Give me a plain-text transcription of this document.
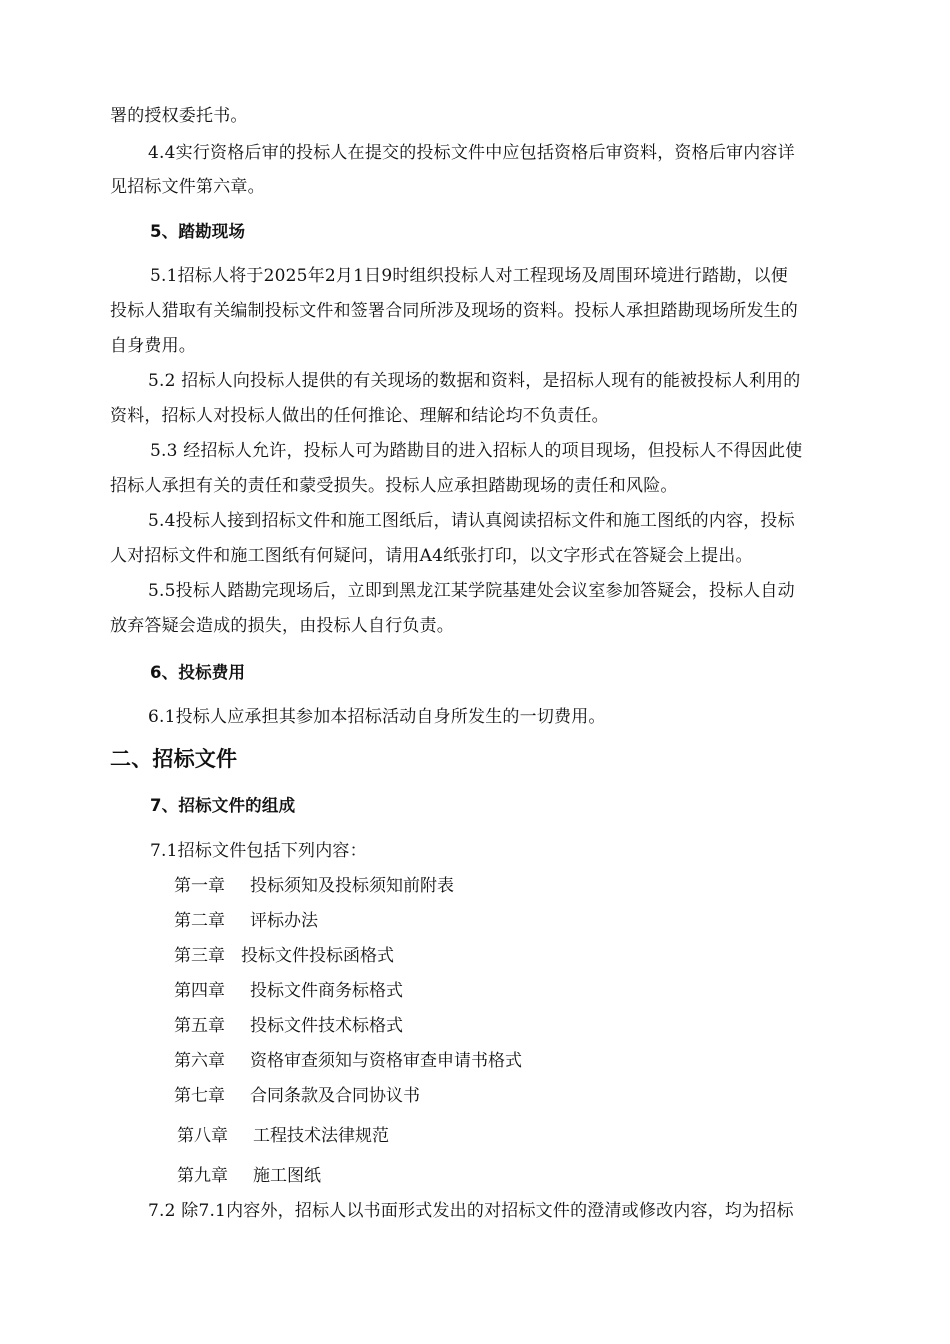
署的授权委托书。
4.4实行资格后审的投标人在提交的投标文件中应包括资格后审资料，资格后审内容详
见招标文件第六章。
5、踏勘现场
5.1招标人将于2025年2月1日9时组织投标人对工程现场及周围环境进行踏勘，以便
投标人猎取有关编制投标文件和签署合同所涉及现场的资料。投标人承担踏勘现场所发生的
自身费用。
5.2 招标人向投标人提供的有关现场的数据和资料，是招标人现有的能被投标人利用的
资料，招标人对投标人做出的任何推论、理解和结论均不负责任。
5.3 经招标人允许，投标人可为踏勘目的进入招标人的项目现场，但投标人不得因此使
招标人承担有关的责任和蒙受损失。投标人应承担踏勘现场的责任和风险。
5.4投标人接到招标文件和施工图纸后，请认真阅读招标文件和施工图纸的内容，投标
人对招标文件和施工图纸有何疑问，请用A4纸张打印，以文字形式在答疑会上提出。
5.5投标人踏勘完现场后，立即到黑龙江某学院基建处会议室参加答疑会，投标人自动
放弃答疑会造成的损失，由投标人自行负责。
6、投标费用
6.1投标人应承担其参加本招标活动自身所发生的一切费用。
二、招标文件
7、招标文件的组成
7.1招标文件包括下列内容：
第一章 投标须知及投标须知前附表
第二章 评标办法
第三章 投标文件投标函格式
第四章 投标文件商务标格式
第五章 投标文件技术标格式
第六章 资格审查须知与资格审查申请书格式
第七章 合同条款及合同协议书
第八章 工程技术法律规范
第九章 施工图纸
7.2 除7.1内容外，招标人以书面形式发出的对招标文件的澄清或修改内容，均为招标
